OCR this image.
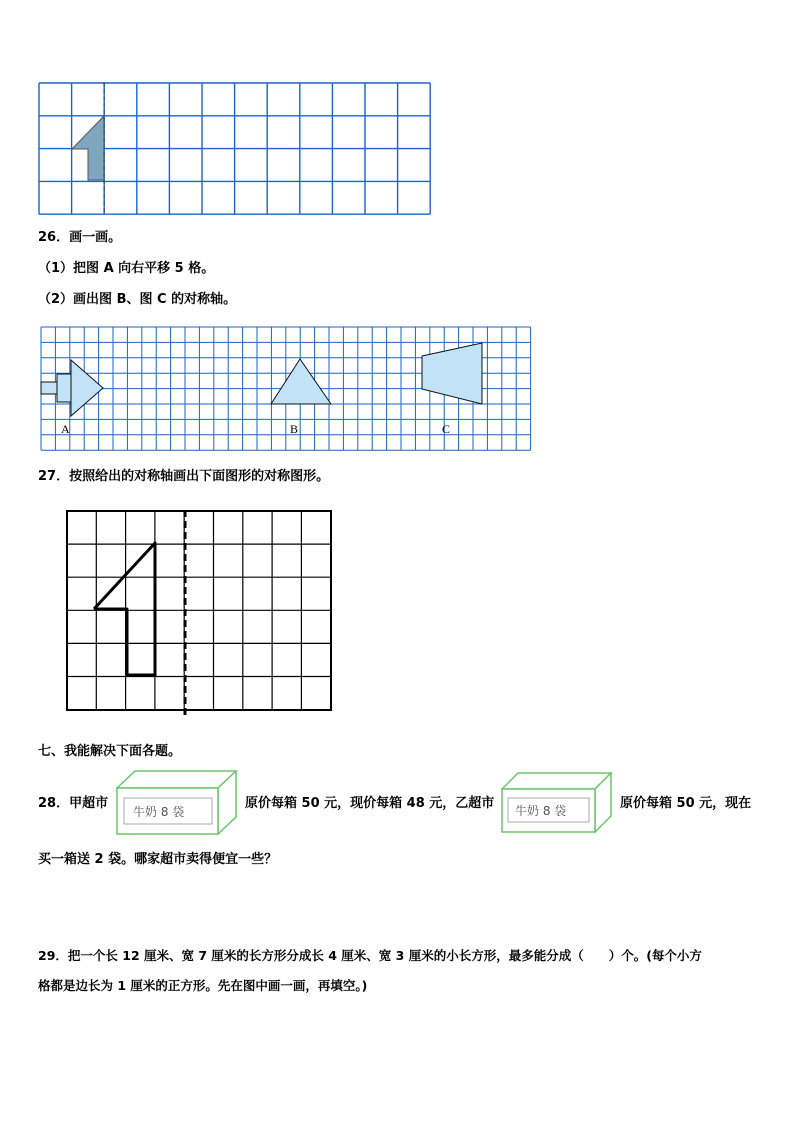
26．画一画。
（1）把图 A 向右平移 5 格。
（2）画出图 B、图 C 的对称轴。
A	B	C
27．按照给出的对称轴画出下面图形的对称图形。
七、我能解决下面各题。
28．甲超市
牛奶 8 袋
原价每箱 50 元，现价每箱 48 元，乙超市 牛奶 8 袋	原价每箱 50 元，现在
买一箱送 2 袋。哪家超市卖得便宜一些？
29．把一个长 12 厘米、宽 7 厘米的长方形分成长 4 厘米、宽 3 厘米的小长方形，最多能分成（　　）个。(每个小方
格都是边长为 1 厘米的正方形。先在图中画一画，再填空。)
